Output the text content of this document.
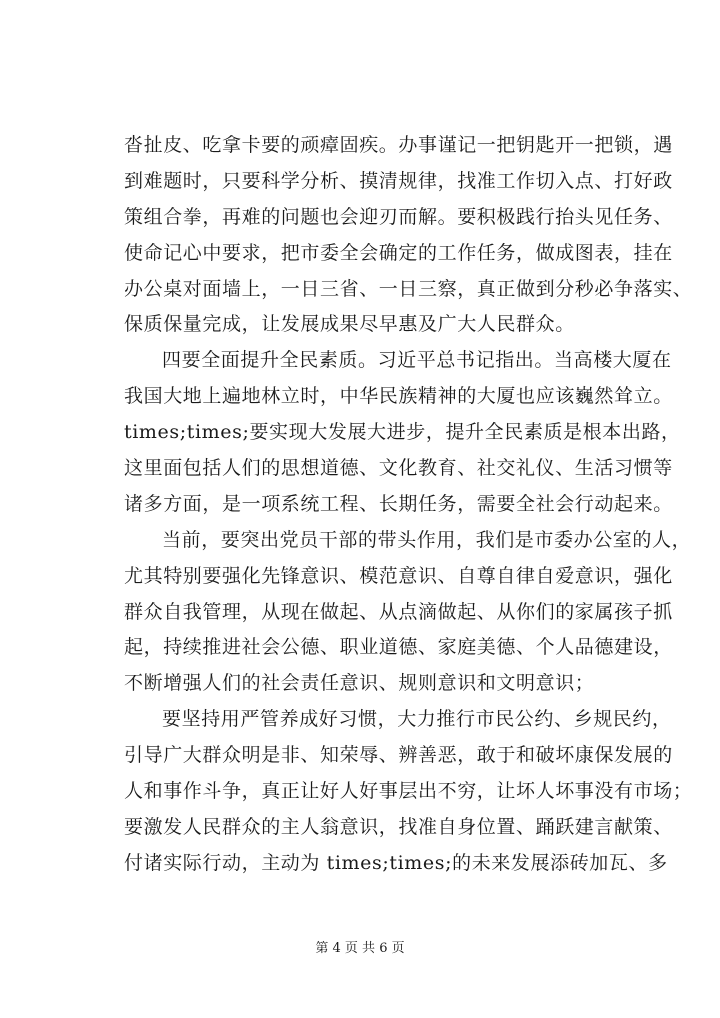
沓扯皮、吃拿卡要的顽瘴固疾。办事谨记一把钥匙开一把锁，遇
到难题时，只要科学分析、摸清规律，找准工作切入点、打好政
策组合拳，再难的问题也会迎刃而解。要积极践行抬头见任务、
使命记心中要求，把市委全会确定的工作任务，做成图表，挂在
办公桌对面墙上，一日三省、一日三察，真正做到分秒必争落实、
保质保量完成，让发展成果尽早惠及广大人民群众。
四要全面提升全民素质。习近平总书记指出。当高楼大厦在
我国大地上遍地林立时，中华民族精神的大厦也应该巍然耸立。
times;times;要实现大发展大进步，提升全民素质是根本出路，
这里面包括人们的思想道德、文化教育、社交礼仪、生活习惯等
诸多方面，是一项系统工程、长期任务，需要全社会行动起来。
当前，要突出党员干部的带头作用，我们是市委办公室的人，
尤其特别要强化先锋意识、模范意识、自尊自律自爱意识，强化
群众自我管理，从现在做起、从点滴做起、从你们的家属孩子抓
起，持续推进社会公德、职业道德、家庭美德、个人品德建设，
不断增强人们的社会责任意识、规则意识和文明意识；
要坚持用严管养成好习惯，大力推行市民公约、乡规民约，
引导广大群众明是非、知荣辱、辨善恶，敢于和破坏康保发展的
人和事作斗争，真正让好人好事层出不穷，让坏人坏事没有市场；
要激发人民群众的主人翁意识，找准自身位置、踊跃建言献策、
付诸实际行动，主动为 times;times;的未来发展添砖加瓦、多
第 4 页 共 6 页
